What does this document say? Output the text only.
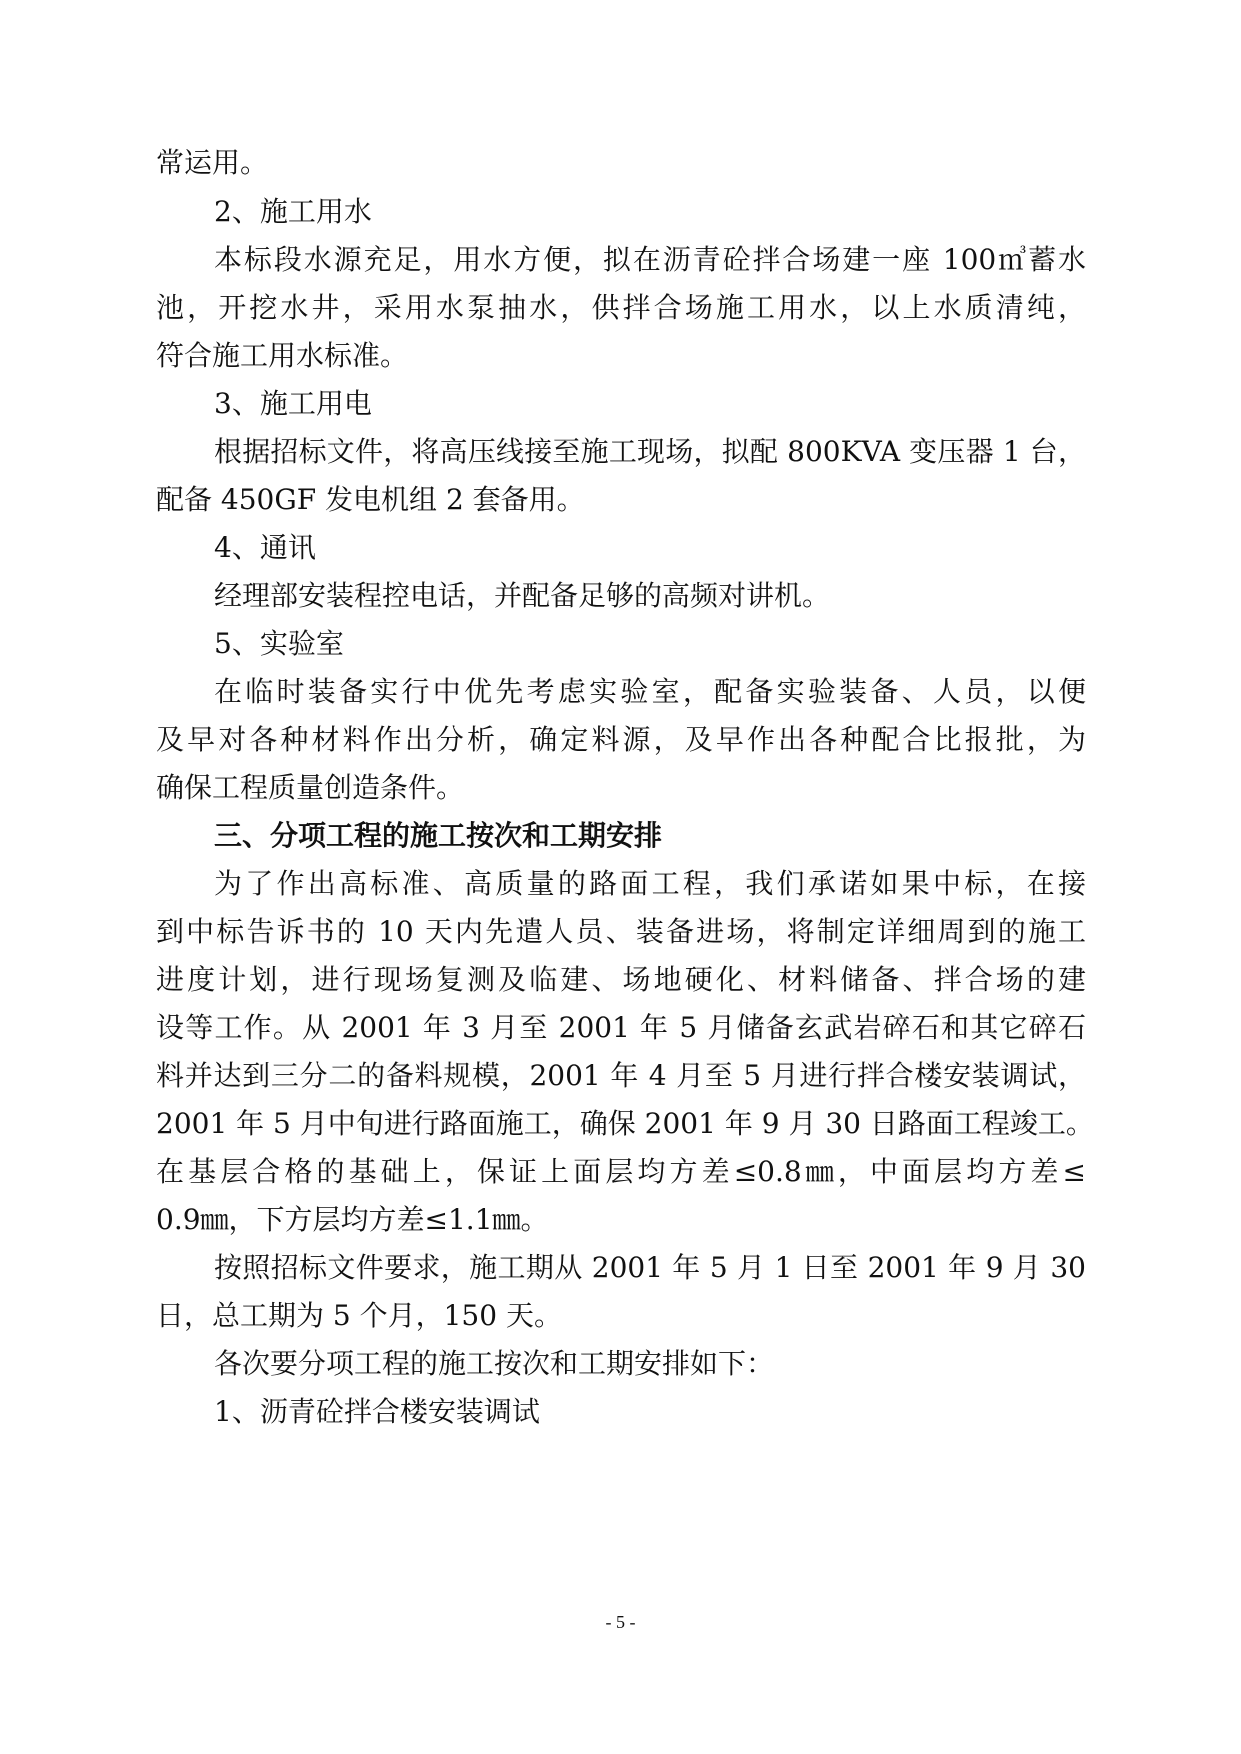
常运用。
2、施工用水
本标段水源充足，用水方便，拟在沥青砼拌合场建一座 100㎥蓄水
池，开挖水井，采用水泵抽水，供拌合场施工用水，以上水质清纯，
符合施工用水标准。
3、施工用电
根据招标文件，将高压线接至施工现场，拟配 800KVA 变压器 1 台，
配备 450GF 发电机组 2 套备用。
4、通讯
经理部安装程控电话，并配备足够的高频对讲机。
5、实验室
在临时装备实行中优先考虑实验室，配备实验装备、人员，以便
及早对各种材料作出分析，确定料源，及早作出各种配合比报批，为
确保工程质量创造条件。
三、分项工程的施工按次和工期安排
为了作出高标准、高质量的路面工程，我们承诺如果中标，在接
到中标告诉书的 10 天内先遣人员、装备进场，将制定详细周到的施工
进度计划，进行现场复测及临建、场地硬化、材料储备、拌合场的建
设等工作。从 2001 年 3 月至 2001 年 5 月储备玄武岩碎石和其它碎石
料并达到三分二的备料规模，2001 年 4 月至 5 月进行拌合楼安装调试，
2001 年 5 月中旬进行路面施工，确保 2001 年 9 月 30 日路面工程竣工。
在基层合格的基础上，保证上面层均方差≤0.8㎜，中面层均方差≤
0.9㎜，下方层均方差≤1.1㎜。
按照招标文件要求，施工期从 2001 年 5 月 1 日至 2001 年 9 月 30
日，总工期为 5 个月，150 天。
各次要分项工程的施工按次和工期安排如下：
1、沥青砼拌合楼安装调试
- 5 -
